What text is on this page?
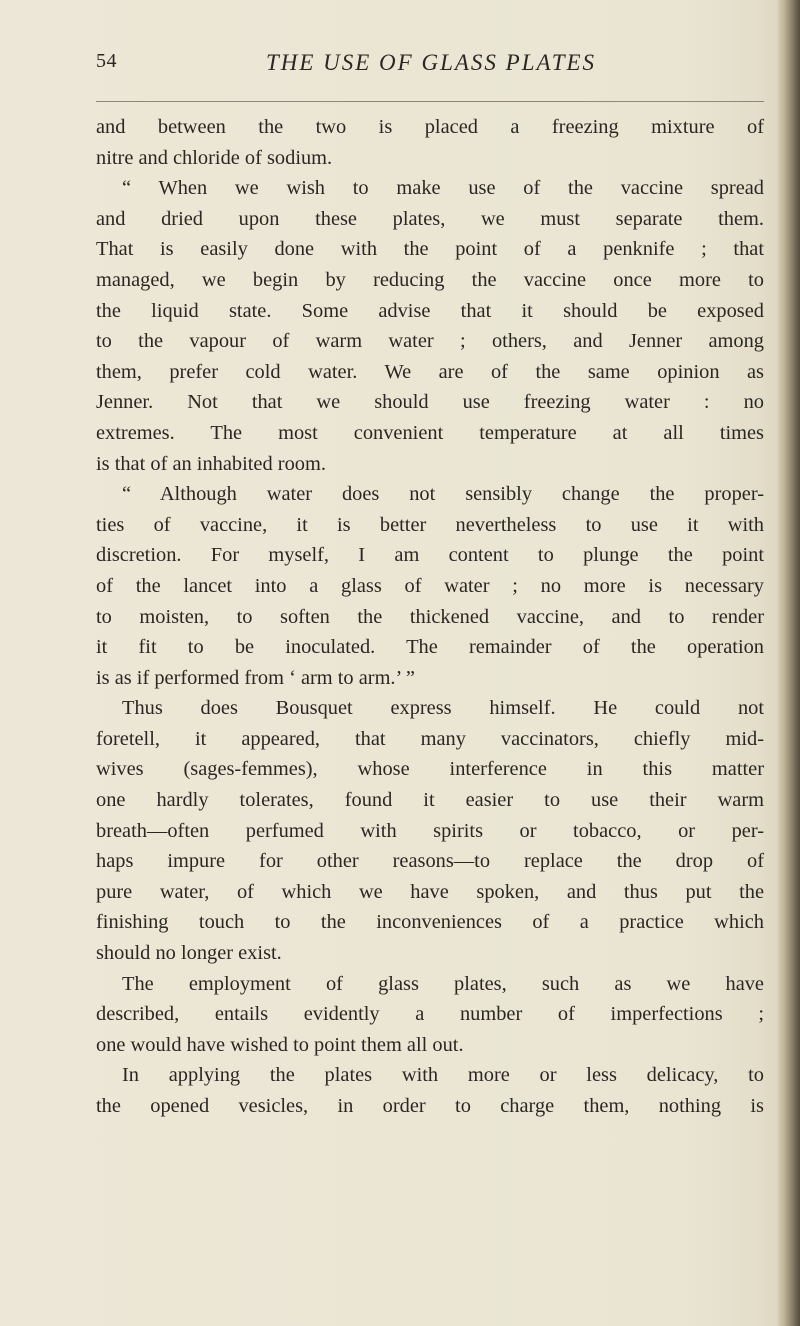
54	THE USE OF GLASS PLATES
and between the two is placed a freezing mixture of
nitre and chloride of sodium.
“ When we wish to make use of the vaccine spread
and dried upon these plates, we must separate them.
That is easily done with the point of a penknife ; that
managed, we begin by reducing the vaccine once more to
the liquid state. Some advise that it should be exposed
to the vapour of warm water ; others, and Jenner among
them, prefer cold water. We are of the same opinion as
Jenner. Not that we should use freezing water : no
extremes. The most convenient temperature at all times
is that of an inhabited room.
“ Although water does not sensibly change the proper-
ties of vaccine, it is better nevertheless to use it with
discretion. For myself, I am content to plunge the point
of the lancet into a glass of water ; no more is necessary
to moisten, to soften the thickened vaccine, and to render
it fit to be inoculated. The remainder of the operation
is as if performed from ‘ arm to arm.’ ”
Thus does Bousquet express himself. He could not
foretell, it appeared, that many vaccinators, chiefly mid-
wives (sages-femmes), whose interference in this matter
one hardly tolerates, found it easier to use their warm
breath—often perfumed with spirits or tobacco, or per-
haps impure for other reasons—to replace the drop of
pure water, of which we have spoken, and thus put the
finishing touch to the inconveniences of a practice which
should no longer exist.
The employment of glass plates, such as we have
described, entails evidently a number of imperfections ;
one would have wished to point them all out.
In applying the plates with more or less delicacy, to
the opened vesicles, in order to charge them, nothing is
